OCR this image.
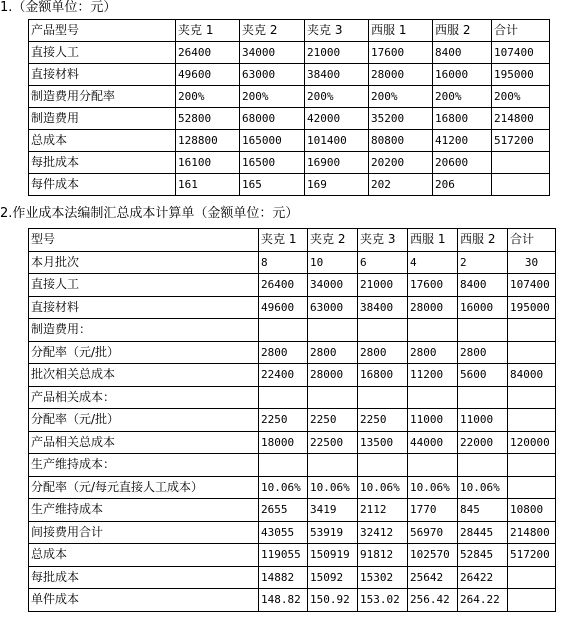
1.（金额单位：元）
产品型号	夹克 1	夹克 2	夹克 3	西服 1	西服 2	合计
直接人工	26400	34000	21000	17600	8400	107400
直接材料	49600	63000	38400	28000	16000	195000
制造费用分配率	200%	200%	200%	200%	200%	200%
制造费用	52800	68000	42000	35200	16800	214800
总成本	128800	165000	101400	80800	41200	517200
每批成本	16100	16500	16900	20200	20600	
每件成本	161	165	169	202	206	
2.作业成本法编制汇总成本计算单（金额单位：元）
型号	夹克 1	夹克 2	夹克 3	西服 1	西服 2	合计
本月批次	8	10	6	4	2	30
直接人工	26400	34000	21000	17600	8400	107400
直接材料	49600	63000	38400	28000	16000	195000
制造费用：						
分配率（元/批）	2800	2800	2800	2800	2800	
批次相关总成本	22400	28000	16800	11200	5600	84000
产品相关成本：						
分配率（元/批）	2250	2250	2250	11000	11000	
产品相关总成本	18000	22500	13500	44000	22000	120000
生产维持成本：						
分配率（元/每元直接人工成本）	10.06%	10.06%	10.06%	10.06%	10.06%	
生产维持成本	2655	3419	2112	1770	845	10800
间接费用合计	43055	53919	32412	56970	28445	214800
总成本	119055	150919	91812	102570	52845	517200
每批成本	14882	15092	15302	25642	26422	
单件成本	148.82	150.92	153.02	256.42	264.22	
